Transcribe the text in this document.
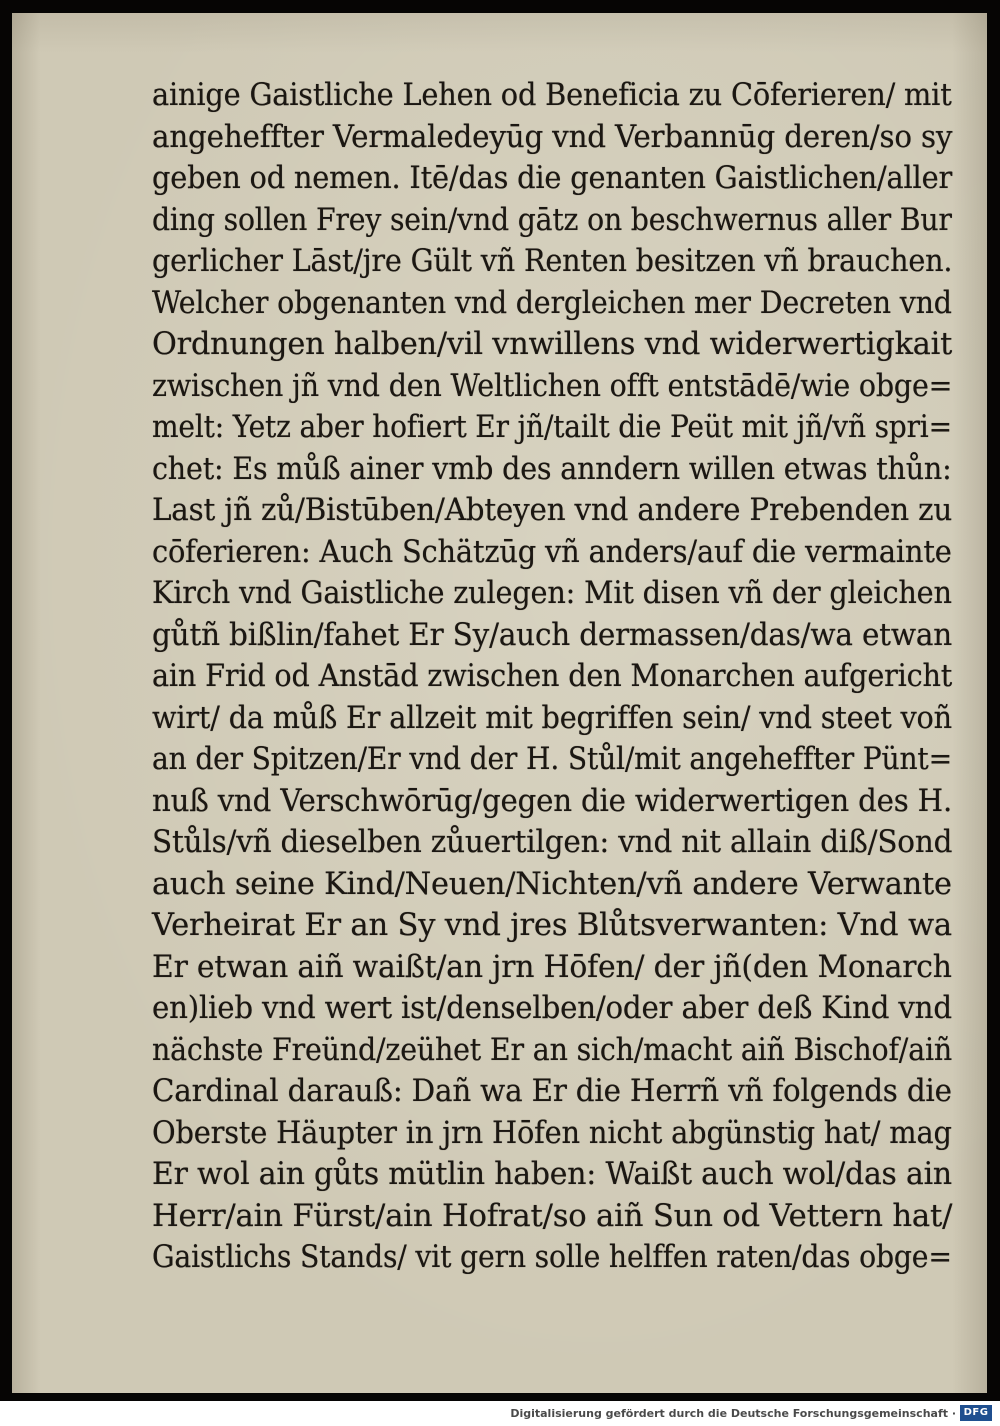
ainige Gaistliche Lehen od Beneficia zu Cōferieren/ mit
angeheffter Vermaledeyūg vnd Verbannūg deren/so sy
geben od nemen. Itē/das die genanten Gaistlichen/aller
ding sollen Frey sein/vnd gātz on beschwernus aller Bur
gerlicher Lāst/jre Gült vñ Renten besitzen vñ brauchen.
Welcher obgenanten vnd dergleichen mer Decreten vnd
Ordnungen halben/vil vnwillens vnd widerwertigkait
zwischen jñ vnd den Weltlichen offt entstādē/wie obge=
melt: Yetz aber hofiert Er jñ/tailt die Peüt mit jñ/vñ spri=
chet: Es můß ainer vmb des anndern willen etwas thůn:
Last jñ zů/Bistūben/Abteyen vnd andere Prebenden zu
cōferieren: Auch Schätzūg vñ anders/auf die vermainte
Kirch vnd Gaistliche zulegen: Mit disen vñ der gleichen
gůtñ bißlin/fahet Er Sy/auch dermassen/das/wa etwan
ain Frid od Anstād zwischen den Monarchen aufgericht
wirt/ da můß Er allzeit mit begriffen sein/ vnd steet voñ
an der Spitzen/Er vnd der H. Stůl/mit angeheffter Pünt=
nuß vnd Verschwōrūg/gegen die widerwertigen des H.
Stůls/vñ dieselben zůuertilgen: vnd nit allain diß/Sond
auch seine Kind/Neuen/Nichten/vñ andere Verwante
Verheirat Er an Sy vnd jres Blůtsverwanten: Vnd wa
Er etwan aiñ waißt/an jrn Hōfen/ der jñ(den Monarch
en)lieb vnd wert ist/denselben/oder aber deß Kind vnd
nächste Freünd/zeühet Er an sich/macht aiñ Bischof/aiñ
Cardinal darauß: Dañ wa Er die Herrñ vñ folgends die
Oberste Häupter in jrn Hōfen nicht abgünstig hat/ mag
Er wol ain gůts mütlin haben: Waißt auch wol/das ain
Herr/ain Fürst/ain Hofrat/so aiñ Sun od Vettern hat/
Gaistlichs Stands/ vit gern solle helffen raten/das obge=
Digitalisierung gefördert durch die Deutsche Forschungsgemeinschaft · DFG
